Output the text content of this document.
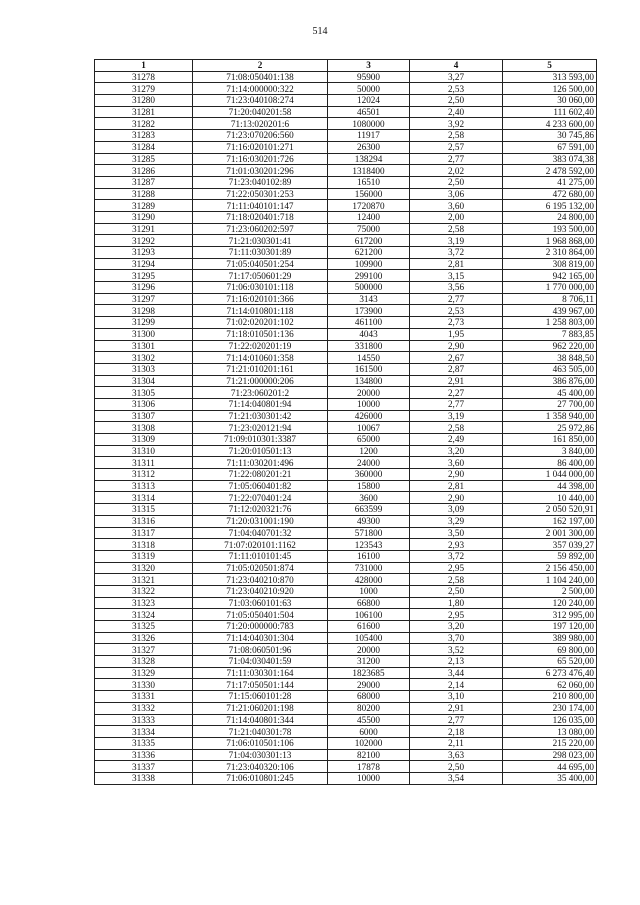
514
1	2	3	4	5
31278	71:08:050401:138	95900	3,27	313 593,00
31279	71:14:000000:322	50000	2,53	126 500,00
31280	71:23:040108:274	12024	2,50	30 060,00
31281	71:20:040201:58	46501	2,40	111 602,40
31282	71:13:020201:6	1080000	3,92	4 233 600,00
31283	71:23:070206:560	11917	2,58	30 745,86
31284	71:16:020101:271	26300	2,57	67 591,00
31285	71:16:030201:726	138294	2,77	383 074,38
31286	71:01:030201:296	1318400	2,02	2 478 592,00
31287	71:23:040102:89	16510	2,50	41 275,00
31288	71:22:050301:253	156000	3,06	472 680,00
31289	71:11:040101:147	1720870	3,60	6 195 132,00
31290	71:18:020401:718	12400	2,00	24 800,00
31291	71:23:060202:597	75000	2,58	193 500,00
31292	71:21:030301:41	617200	3,19	1 968 868,00
31293	71:11:030301:89	621200	3,72	2 310 864,00
31294	71:05:040501:254	109900	2,81	308 819,00
31295	71:17:050601:29	299100	3,15	942 165,00
31296	71:06:030101:118	500000	3,56	1 770 000,00
31297	71:16:020101:366	3143	2,77	8 706,11
31298	71:14:010801:118	173900	2,53	439 967,00
31299	71:02:020201:102	461100	2,73	1 258 803,00
31300	71:18:010501:136	4043	1,95	7 883,85
31301	71:22:020201:19	331800	2,90	962 220,00
31302	71:14:010601:358	14550	2,67	38 848,50
31303	71:21:010201:161	161500	2,87	463 505,00
31304	71:21:000000:206	134800	2,91	386 876,00
31305	71:23:060201:2	20000	2,27	45 400,00
31306	71:14:040801:94	10000	2,77	27 700,00
31307	71:21:030301:42	426000	3,19	1 358 940,00
31308	71:23:020121:94	10067	2,58	25 972,86
31309	71:09:010301:3387	65000	2,49	161 850,00
31310	71:20:010501:13	1200	3,20	3 840,00
31311	71:11:030201:496	24000	3,60	86 400,00
31312	71:22:080201:21	360000	2,90	1 044 000,00
31313	71:05:060401:82	15800	2,81	44 398,00
31314	71:22:070401:24	3600	2,90	10 440,00
31315	71:12:020321:76	663599	3,09	2 050 520,91
31316	71:20:031001:190	49300	3,29	162 197,00
31317	71:04:040701:32	571800	3,50	2 001 300,00
31318	71:07:020101:1162	123543	2,93	357 039,27
31319	71:11:010101:45	16100	3,72	59 892,00
31320	71:05:020501:874	731000	2,95	2 156 450,00
31321	71:23:040210:870	428000	2,58	1 104 240,00
31322	71:23:040210:920	1000	2,50	2 500,00
31323	71:03:060101:63	66800	1,80	120 240,00
31324	71:05:050401:504	106100	2,95	312 995,00
31325	71:20:000000:783	61600	3,20	197 120,00
31326	71:14:040301:304	105400	3,70	389 980,00
31327	71:08:060501:96	20000	3,52	69 800,00
31328	71:04:030401:59	31200	2,13	65 520,00
31329	71:11:030301:164	1823685	3,44	6 273 476,40
31330	71:17:050501:144	29000	2,14	62 060,00
31331	71:15:060101:28	68000	3,10	210 800,00
31332	71:21:060201:198	80200	2,91	230 174,00
31333	71:14:040801:344	45500	2,77	126 035,00
31334	71:21:040301:78	6000	2,18	13 080,00
31335	71:06:010501:106	102000	2,11	215 220,00
31336	71:04:030301:13	82100	3,63	298 023,00
31337	71:23:040320:106	17878	2,50	44 695,00
31338	71:06:010801:245	10000	3,54	35 400,00
